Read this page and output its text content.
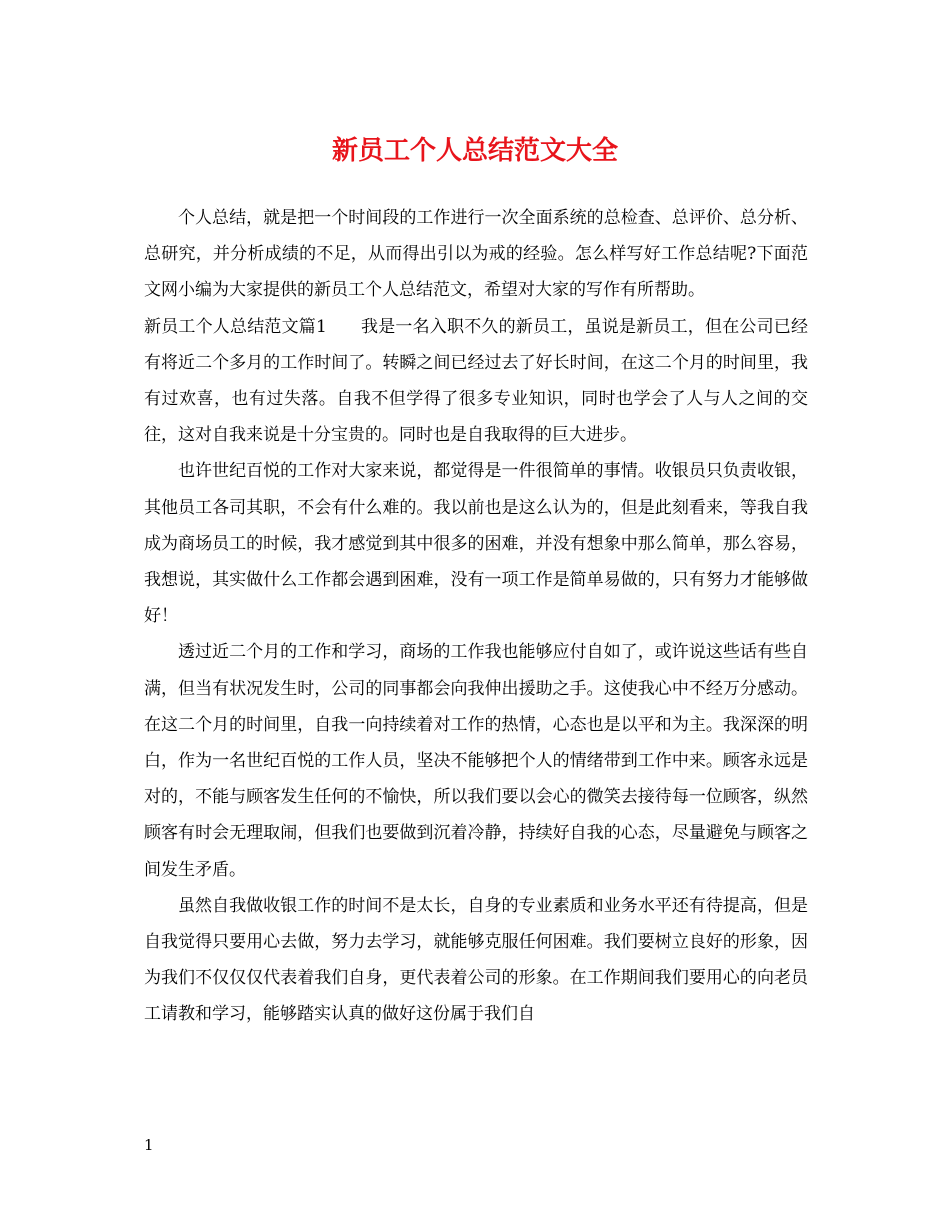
新员工个人总结范文大全

个人总结，就是把一个时间段的工作进行一次全面系统的总检查、总评价、总分析、总研究，并分析成绩的不足，从而得出引以为戒的经验。怎么样写好工作总结呢?下面范文网小编为大家提供的新员工个人总结范文，希望对大家的写作有所帮助。

新员工个人总结范文篇1 我是一名入职不久的新员工，虽说是新员工，但在公司已经有将近二个多月的工作时间了。转瞬之间已经过去了好长时间，在这二个月的时间里，我有过欢喜，也有过失落。自我不但学得了很多专业知识，同时也学会了人与人之间的交往，这对自我来说是十分宝贵的。同时也是自我取得的巨大进步。

也许世纪百悦的工作对大家来说，都觉得是一件很简单的事情。收银员只负责收银，其他员工各司其职，不会有什么难的。我以前也是这么认为的，但是此刻看来，等我自我成为商场员工的时候，我才感觉到其中很多的困难，并没有想象中那么简单，那么容易，我想说，其实做什么工作都会遇到困难，没有一项工作是简单易做的，只有努力才能够做好！

透过近二个月的工作和学习，商场的工作我也能够应付自如了，或许说这些话有些自满，但当有状况发生时，公司的同事都会向我伸出援助之手。这使我心中不经万分感动。在这二个月的时间里，自我一向持续着对工作的热情，心态也是以平和为主。我深深的明白，作为一名世纪百悦的工作人员，坚决不能够把个人的情绪带到工作中来。顾客永远是对的，不能与顾客发生任何的不愉快，所以我们要以会心的微笑去接待每一位顾客，纵然顾客有时会无理取闹，但我们也要做到沉着冷静，持续好自我的心态，尽量避免与顾客之间发生矛盾。

虽然自我做收银工作的时间不是太长，自身的专业素质和业务水平还有待提高，但是自我觉得只要用心去做，努力去学习，就能够克服任何困难。我们要树立良好的形象，因为我们不仅仅仅代表着我们自身，更代表着公司的形象。在工作期间我们要用心的向老员工请教和学习，能够踏实认真的做好这份属于我们自

1
